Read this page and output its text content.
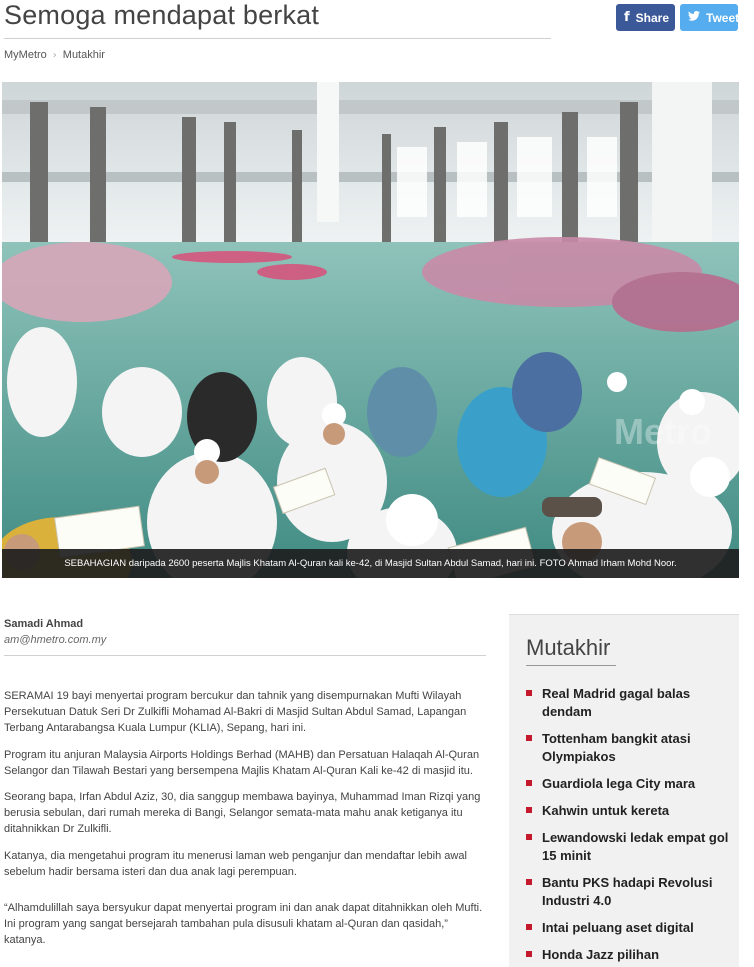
Semoga mendapat berkat	f Share	Tweet
MyMetro › Mutakhir
Metro
SEBAHAGIAN daripada 2600 peserta Majlis Khatam Al-Quran kali ke-42, di Masjid Sultan Abdul Samad, hari ini. FOTO Ahmad Irham Mohd Noor.
Samadi Ahmad
am@hmetro.com.my

SERAMAI 19 bayi menyertai program bercukur dan tahnik yang disempurnakan Mufti Wilayah Persekutuan Datuk Seri Dr Zulkifli Mohamad Al-Bakri di Masjid Sultan Abdul Samad, Lapangan Terbang Antarabangsa Kuala Lumpur (KLIA), Sepang, hari ini.

Program itu anjuran Malaysia Airports Holdings Berhad (MAHB) dan Persatuan Halaqah Al-Quran Selangor dan Tilawah Bestari yang bersempena Majlis Khatam Al-Quran Kali ke-42 di masjid itu.

Seorang bapa, Irfan Abdul Aziz, 30, dia sanggup membawa bayinya, Muhammad Iman Rizqi yang berusia sebulan, dari rumah mereka di Bangi, Selangor semata-mata mahu anak ketiganya itu ditahnikkan Dr Zulkifli.

Katanya, dia mengetahui program itu menerusi laman web penganjur dan mendaftar lebih awal sebelum hadir bersama isteri dan dua anak lagi perempuan.

“Alhamdulillah saya bersyukur dapat menyertai program ini dan anak dapat ditahnikkan oleh Mufti. Ini program yang sangat bersejarah tambahan pula disusuli khatam al-Quran dan qasidah,” katanya.

Mutakhir
Real Madrid gagal balas dendam
Tottenham bangkit atasi Olympiakos
Guardiola lega City mara
Kahwin untuk kereta
Lewandowski ledak empat gol 15 minit
Bantu PKS hadapi Revolusi Industri 4.0
Intai peluang aset digital
Honda Jazz pilihan
